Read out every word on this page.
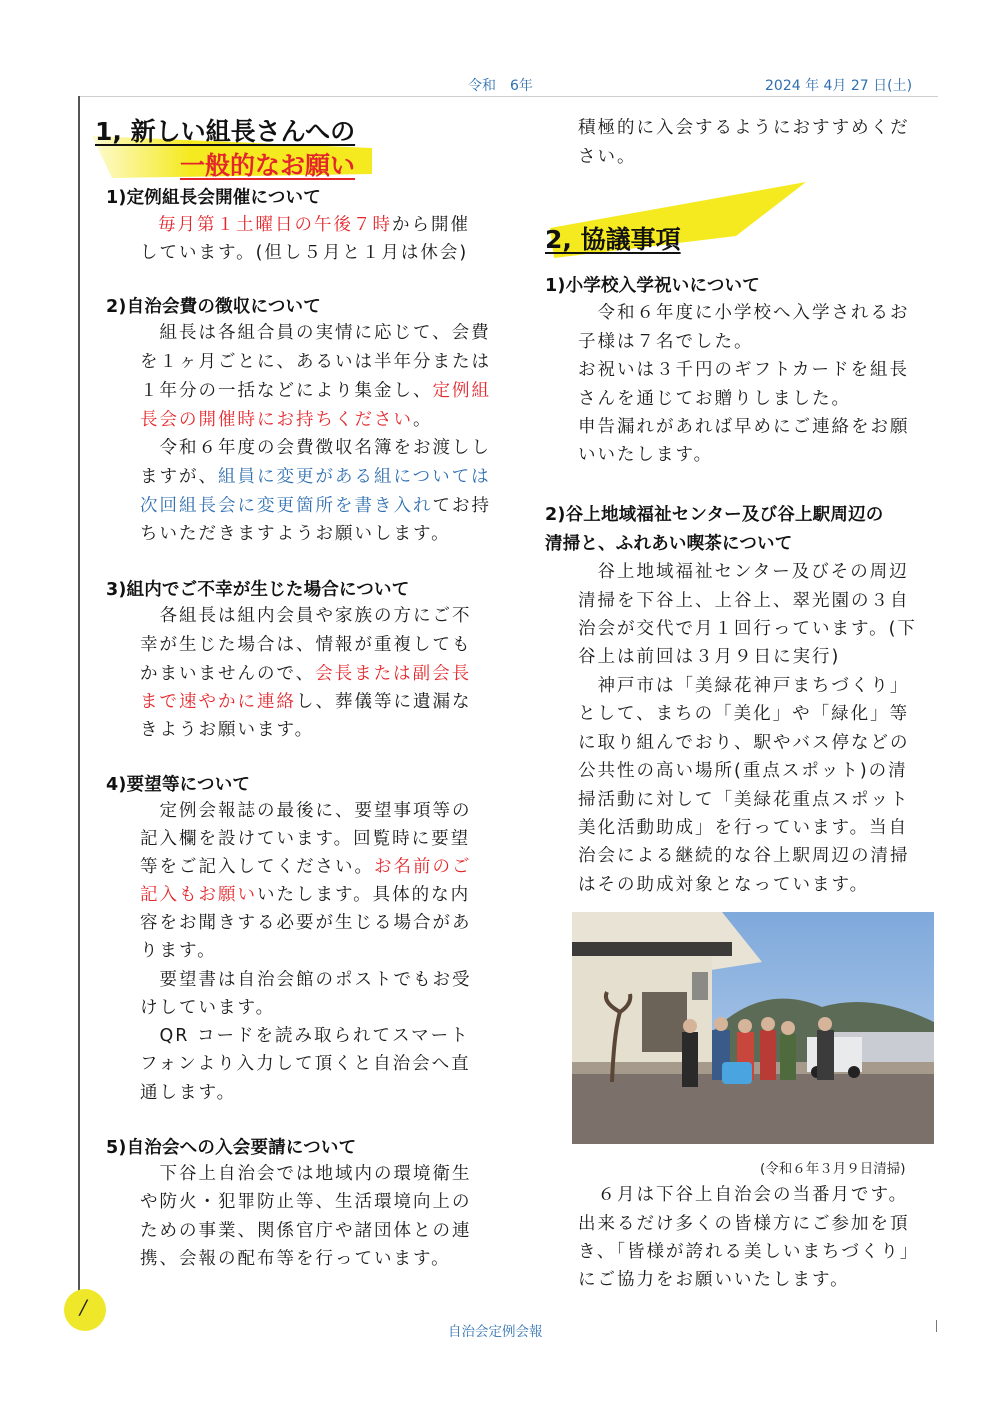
令和　6年	2024 年 4月 27 日(土)
1, 新しい組長さんへの
一般的なお願い
1)定例組長会開催について
毎月第１土曜日の午後７時から開催
しています。(但し５月と１月は休会)
2)自治会費の徴収について
　組長は各組合員の実情に応じて、会費
を１ヶ月ごとに、あるいは半年分または
１年分の一括などにより集金し、定例組
長会の開催時にお持ちください。
　令和６年度の会費徴収名簿をお渡しし
ますが、組員に変更がある組については
次回組長会に変更箇所を書き入れてお持
ちいただきますようお願いします。
3)組内でご不幸が生じた場合について
　各組長は組内会員や家族の方にご不
幸が生じた場合は、情報が重複しても
かまいませんので、会長または副会長
まで速やかに連絡し、葬儀等に遺漏な
きようお願います。
4)要望等について
　定例会報誌の最後に、要望事項等の
記入欄を設けています。回覧時に要望
等をご記入してください。お名前のご
記入もお願いいたします。具体的な内
容をお聞きする必要が生じる場合があ
ります。
　要望書は自治会館のポストでもお受
けしています。
　QR コードを読み取られてスマート
フォンより入力して頂くと自治会へ直
通します。
5)自治会への入会要請について
　下谷上自治会では地域内の環境衛生
や防火・犯罪防止等、生活環境向上の
ための事業、関係官庁や諸団体との連
携、会報の配布等を行っています。
積極的に入会するようにおすすめくだ
さい。
2, 協議事項
1)小学校入学祝いについて
　令和６年度に小学校へ入学されるお
子様は７名でした。
お祝いは３千円のギフトカードを組長
さんを通じてお贈りしました。
申告漏れがあれば早めにご連絡をお願
いいたします。
2)谷上地域福祉センター及び谷上駅周辺の
清掃と、ふれあい喫茶について
　谷上地域福祉センター及びその周辺
清掃を下谷上、上谷上、翠光園の３自
治会が交代で月１回行っています。(下
谷上は前回は３月９日に実行)
　神戸市は「美緑花神戸まちづくり」
として、まちの「美化」や「緑化」等
に取り組んでおり、駅やバス停などの
公共性の高い場所(重点スポット)の清
掃活動に対して「美緑花重点スポット
美化活動助成」を行っています。当自
治会による継続的な谷上駅周辺の清掃
はその助成対象となっています。
(令和６年３月９日清掃)
　６月は下谷上自治会の当番月です。
出来るだけ多くの皆様方にご参加を頂
き、「皆様が誇れる美しいまちづくり」
にご協力をお願いいたします。
/
自治会定例会報
